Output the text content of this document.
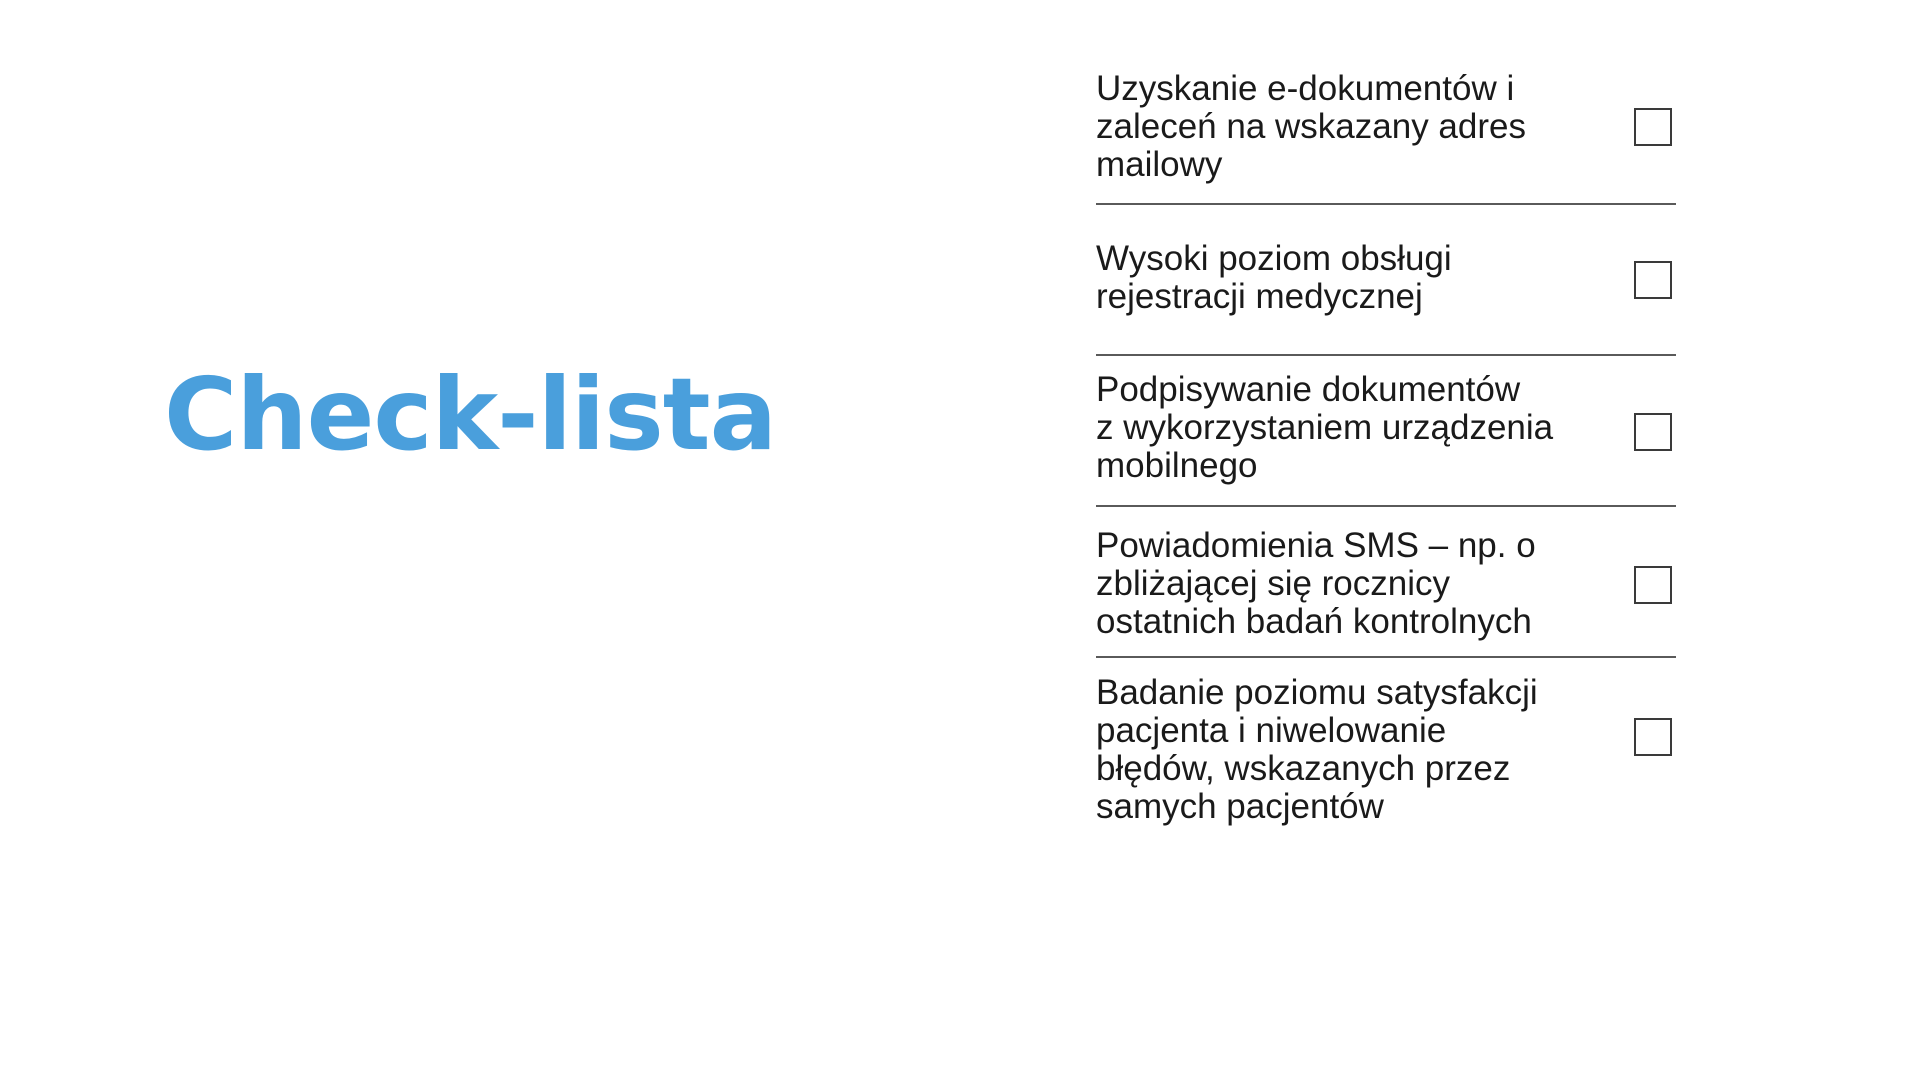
Check-lista

Uzyskanie e-dokumentów i
zaleceń na wskazany adres
mailowy

Wysoki poziom obsługi
rejestracji medycznej

Podpisywanie dokumentów
z wykorzystaniem urządzenia
mobilnego

Powiadomienia SMS – np. o
zbliżającej się rocznicy
ostatnich badań kontrolnych

Badanie poziomu satysfakcji
pacjenta i niwelowanie
błędów, wskazanych przez
samych pacjentów
